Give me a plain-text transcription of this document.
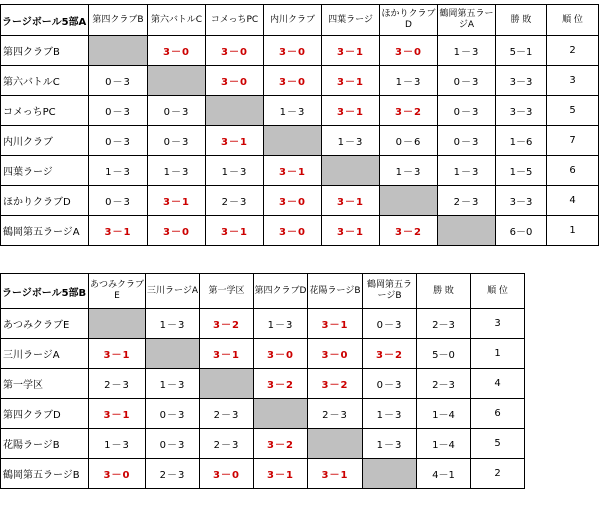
ラージボール5部A	第四クラブB	第六バトルC	コメっちPC	内川クラブ	四葉ラージ	ほかりクラブD	鶴岡第五ラージA	勝 敗	順 位
第四クラブB		3－0	3－0	3－0	3－1	3－0	1－3	5－1	2
第六バトルC	0－3		3－0	3－0	3－1	1－3	0－3	3－3	3
コメっちPC	0－3	0－3		1－3	3－1	3－2	0－3	3－3	5
内川クラブ	0－3	0－3	3－1		1－3	0－6	0－3	1－6	7
四葉ラージ	1－3	1－3	1－3	3－1		1－3	1－3	1－5	6
ほかりクラブD	0－3	3－1	2－3	3－0	3－1		2－3	3－3	4
鶴岡第五ラージA	3－1	3－0	3－1	3－0	3－1	3－2		6－0	1
ラージボール5部B	あつみクラブE	三川ラージA	第一学区	第四クラブD	花陽ラージB	鶴岡第五ラージB	勝 敗	順 位
あつみクラブE		1－3	3－2	1－3	3－1	0－3	2－3	3
三川ラージA	3－1		3－1	3－0	3－0	3－2	5－0	1
第一学区	2－3	1－3		3－2	3－2	0－3	2－3	4
第四クラブD	3－1	0－3	2－3		2－3	1－3	1－4	6
花陽ラージB	1－3	0－3	2－3	3－2		1－3	1－4	5
鶴岡第五ラージB	3－0	2－3	3－0	3－1	3－1		4－1	2
